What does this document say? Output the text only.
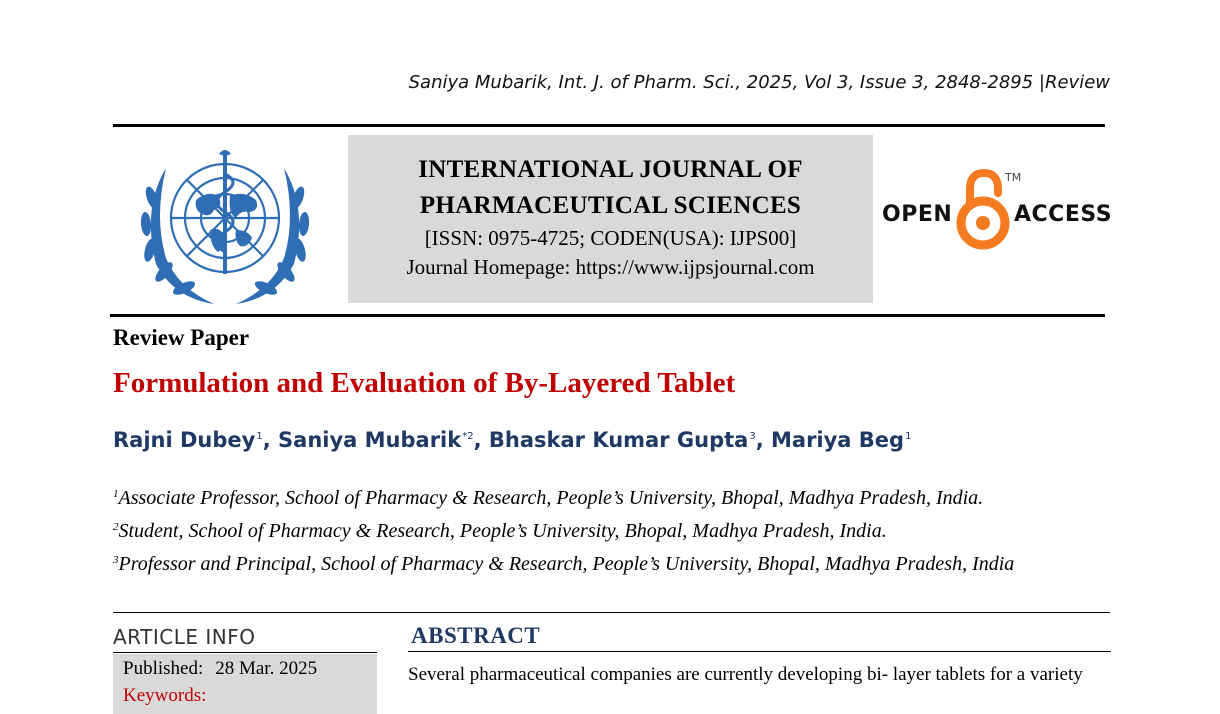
Saniya Mubarik, Int. J. of Pharm. Sci., 2025, Vol 3, Issue 3, 2848-2895 |Review
INTERNATIONAL JOURNAL OF
PHARMACEUTICAL SCIENCES
[ISSN: 0975-4725; CODEN(USA): IJPS00]
Journal Homepage: https://www.ijpsjournal.com
OPEN
TM
ACCESS
Review Paper
Formulation and Evaluation of By-Layered Tablet
Rajni Dubey$^1$, Saniya Mubarik$^{*2}$, Bhaskar Kumar Gupta$^3$, Mariya Beg$^1$
$^1$Associate Professor, School of Pharmacy & Research, People’s University, Bhopal, Madhya Pradesh, India.
$^2$Student, School of Pharmacy & Research, People’s University, Bhopal, Madhya Pradesh, India.
$^3$Professor and Principal, School of Pharmacy & Research, People’s University, Bhopal, Madhya Pradesh, India
ARTICLE INFO
Published: 28 Mar. 2025
Keywords:
ABSTRACT
Several pharmaceutical companies are currently developing bi- layer tablets for a variety
